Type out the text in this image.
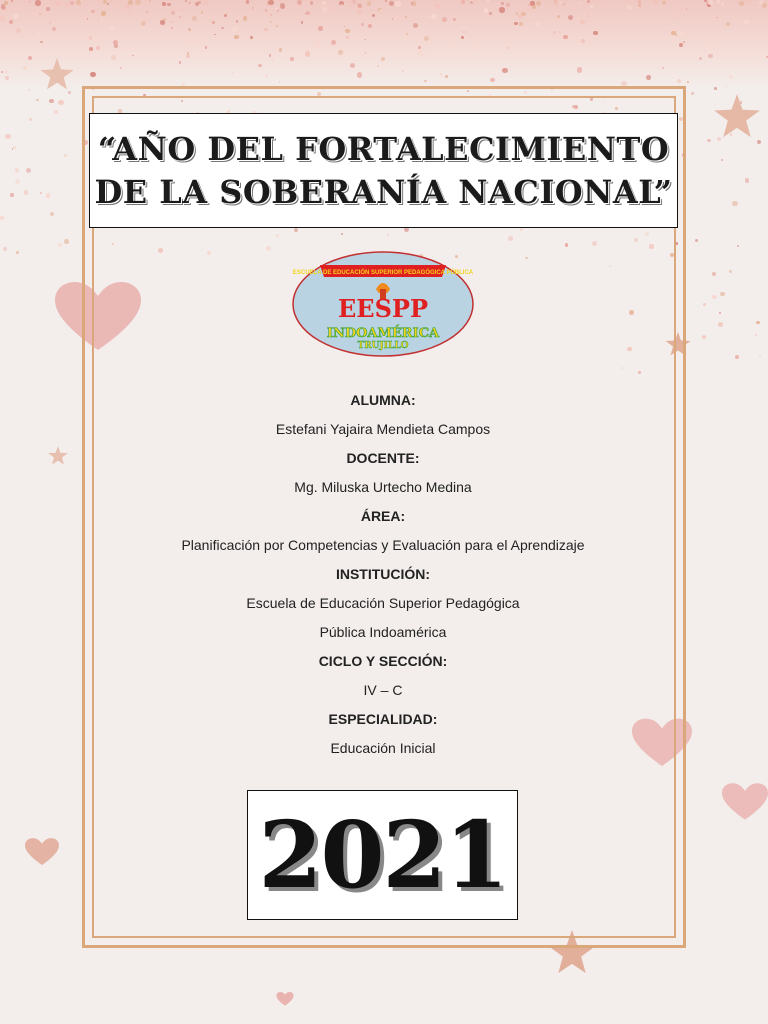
“AÑO DEL FORTALECIMIENTO DE LA SOBERANÍA NACIONAL”
ESCUELA DE EDUCACIÓN SUPERIOR PEDAGÓGICA PÚBLICA
EESPP
INDOAMÉRICA
TRUJILLO
ALUMNA:
Estefani Yajaira Mendieta Campos
DOCENTE:
Mg. Miluska Urtecho Medina
ÁREA:
Planificación por Competencias y Evaluación para el Aprendizaje
INSTITUCIÓN:
Escuela de Educación Superior Pedagógica
Pública Indoamérica
CICLO Y SECCIÓN:
IV – C
ESPECIALIDAD:
Educación Inicial
2021
